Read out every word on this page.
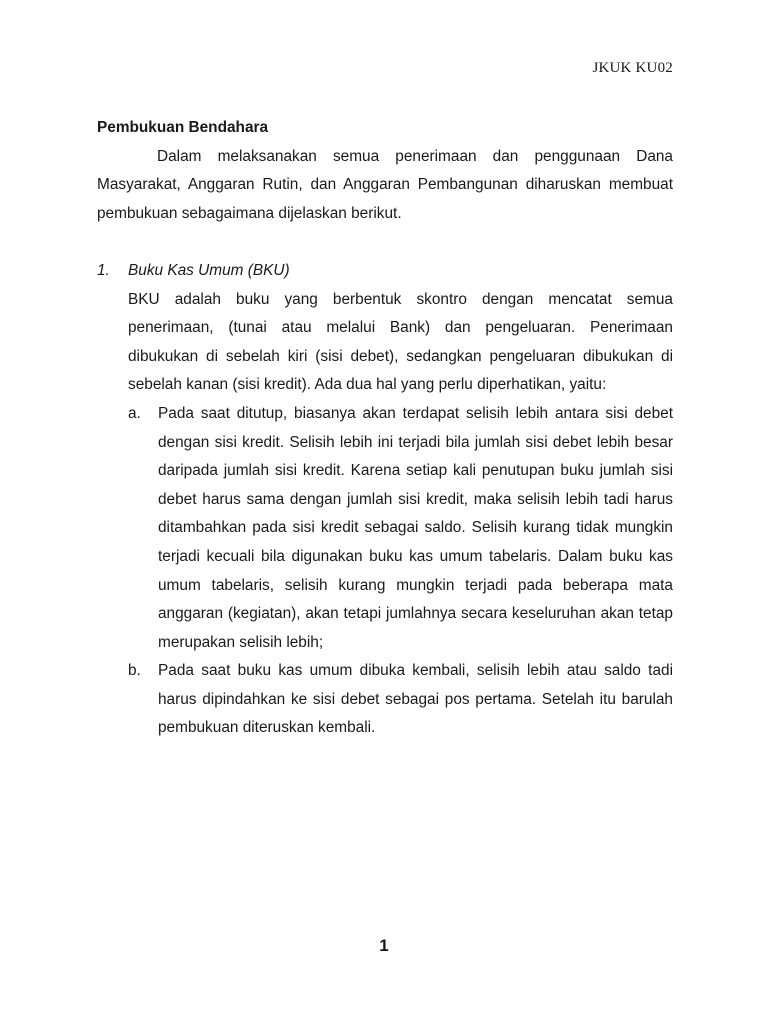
JKUK KU02

Pembukuan Bendahara

Dalam melaksanakan semua penerimaan dan penggunaan Dana Masyarakat, Anggaran Rutin, dan Anggaran Pembangunan diharuskan membuat pembukuan sebagaimana dijelaskan berikut.

1.	Buku Kas Umum (BKU)

BKU adalah buku yang berbentuk skontro dengan mencatat semua penerimaan, (tunai atau melalui Bank) dan pengeluaran. Penerimaan dibukukan di sebelah kiri (sisi debet), sedangkan pengeluaran dibukukan di sebelah kanan (sisi kredit). Ada dua hal yang perlu diperhatikan, yaitu:

a.	Pada saat ditutup, biasanya akan terdapat selisih lebih antara sisi debet dengan sisi kredit. Selisih lebih ini terjadi bila jumlah sisi debet lebih besar daripada jumlah sisi kredit. Karena setiap kali penutupan buku jumlah sisi debet harus sama dengan jumlah sisi kredit, maka selisih lebih tadi harus ditambahkan pada sisi kredit sebagai saldo. Selisih kurang tidak mungkin terjadi kecuali bila digunakan buku kas umum tabelaris. Dalam buku kas umum tabelaris, selisih kurang mungkin terjadi pada beberapa mata anggaran (kegiatan), akan tetapi jumlahnya secara keseluruhan akan tetap merupakan selisih lebih;
b.	Pada saat buku kas umum dibuka kembali, selisih lebih atau saldo tadi harus dipindahkan ke sisi debet sebagai pos pertama. Setelah itu barulah pembukuan diteruskan kembali.
1
